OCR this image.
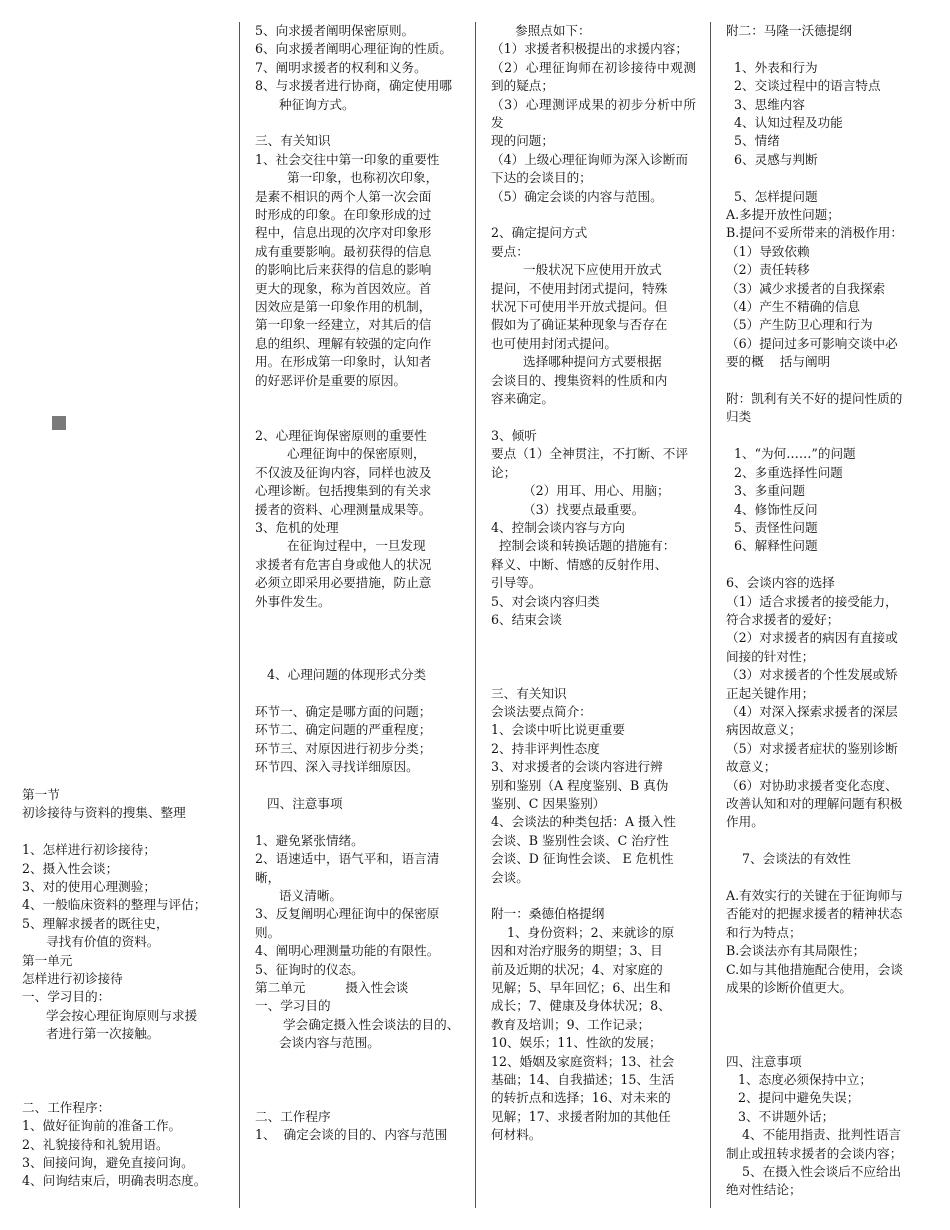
第一节
初诊接待与资料的搜集、整理
1、怎样进行初诊接待；
2、摄入性会谈；
3、对的使用心理测验；
4、一般临床资料的整理与评估；
5、理解求援者的既往史，
寻找有价值的资料。
第一单元
怎样进行初诊接待
一、学习目的：
学会按心理征询原则与求援
者进行第一次接触。
二、工作程序：
1、做好征询前的准备工作。
2、礼貌接待和礼貌用语。
3、间接问询，避免直接问询。
4、问询结束后，明确表明态度。
5、向求援者阐明保密原则。
6、向求援者阐明心理征询的性质。
7、阐明求援者的权利和义务。
8、与求援者进行协商，确定使用哪
种征询方式。
三、有关知识
1、社会交往中第一印象的重要性
第一印象，也称初次印象，
是素不相识的两个人第一次会面
时形成的印象。在印象形成的过
程中，信息出现的次序对印象形
成有重要影响。最初获得的信息
的影响比后来获得的信息的影响
更大的现象，称为首因效应。首
因效应是第一印象作用的机制，
第一印象一经建立，对其后的信
息的组织、理解有较强的定向作
用。在形成第一印象时，认知者
的好恶评价是重要的原因。
2、心理征询保密原则的重要性
心理征询中的保密原则，
不仅波及征询内容，同样也波及
心理诊断。包括搜集到的有关求
援者的资料、心理测量成果等。
3、危机的处理
在征询过程中，一旦发现
求援者有危害自身或他人的状况
必须立即采用必要措施，防止意
外事件发生。
4、心理问题的体现形式分类
环节一、确定是哪方面的问题；
环节二、确定问题的严重程度；
环节三、对原因进行初步分类；
环节四、深入寻找详细原因。
四、注意事项
1、避免紧张情绪。
2、语速适中，语气平和，语言清晰，
语义清晰。
3、反复阐明心理征询中的保密原则。
4、阐明心理测量功能的有限性。
5、征询时的仪态。
第二单元          摄入性会谈
一、学习目的
学会确定摄入性会谈法的目的、
会谈内容与范围。
二、工作程序
1、  确定会谈的目的、内容与范围
参照点如下：
（1）求援者积极提出的求援内容；
（2）心理征询师在初诊接待中观测
到的疑点；
（3）心理测评成果的初步分析中所发
现的问题；
（4）上级心理征询师为深入诊断而下达的会谈目的；
（5）确定会谈的内容与范围。
2、确定提问方式
要点：
一般状况下应使用开放式
提问，不使用封闭式提问，特殊
状况下可使用半开放式提问。但
假如为了确证某种现象与否存在
也可使用封闭式提问。
选择哪种提问方式要根据
会谈目的、搜集资料的性质和内
容来确定。
3、倾听
要点（1）全神贯注，不打断、不评论；
（2）用耳、用心、用脑；
（3）找要点最重要。
4、控制会谈内容与方向
控制会谈和转换话题的措施有：
释义、中断、情感的反射作用、
引导等。
5、对会谈内容归类
6、结束会谈
三、有关知识
会谈法要点简介：
1、会谈中听比说更重要
2、持非评判性态度
3、对求援者的会谈内容进行辨
别和鉴别（A 程度鉴别、B 真伪
鉴别、C 因果鉴别）
4、会谈法的种类包括：A 摄入性
会谈、B 鉴别性会谈、C 治疗性
会谈、D 征询性会谈、 E 危机性
会谈。
附一：桑德伯格提纲
1、身份资料；2、来就诊的原
因和对治疗服务的期望；3、目
前及近期的状况；4、对家庭的
见解；5、早年回忆；6、出生和
成长；7、健康及身体状况；8、
教育及培训；9、工作记录；
10、娱乐；11、性欲的发展；
12、婚姻及家庭资料；13、社会
基础；14、自我描述；15、生活
的转折点和选择；16、对未来的
见解；17、求援者附加的其他任
何材料。
附二：马隆一沃德提纲
1、外表和行为
2、交谈过程中的语言特点
3、思维内容
4、认知过程及功能
5、情绪
6、灵感与判断
5、怎样提问题
A.多提开放性问题；
B.提问不妥所带来的消极作用：
（1）导致依赖
（2）责任转移
（3）减少求援者的自我探索
（4）产生不精确的信息
（5）产生防卫心理和行为
（6）提问过多可影响交谈中必
要的概    括与阐明
附：凯利有关不好的提问性质的
归类
1、“为何……”的问题
2、多重选择性问题
3、多重问题
4、修饰性反问
5、责怪性问题
6、解释性问题
6、会谈内容的选择
（1）适合求援者的接受能力，
符合求援者的爱好；
（2）对求援者的病因有直接或
间接的针对性；
（3）对求援者的个性发展或矫
正起关键作用；
（4）对深入探索求援者的深层
病因故意义；
（5）对求援者症状的鉴别诊断
故意义；
（6）对协助求援者变化态度、
改善认知和对的理解问题有积极
作用。
7、会谈法的有效性
A.有效实行的关键在于征询师与
否能对的把握求援者的精神状态
和行为特点；
B.会谈法亦有其局限性；
C.如与其他措施配合使用，会谈
成果的诊断价值更大。
四、注意事项
1、态度必须保持中立；
2、提问中避免失误；
3、不讲题外话；
4、不能用指责、批判性语言
制止或扭转求援者的会谈内容；
5、在摄入性会谈后不应给出
绝对性结论；
